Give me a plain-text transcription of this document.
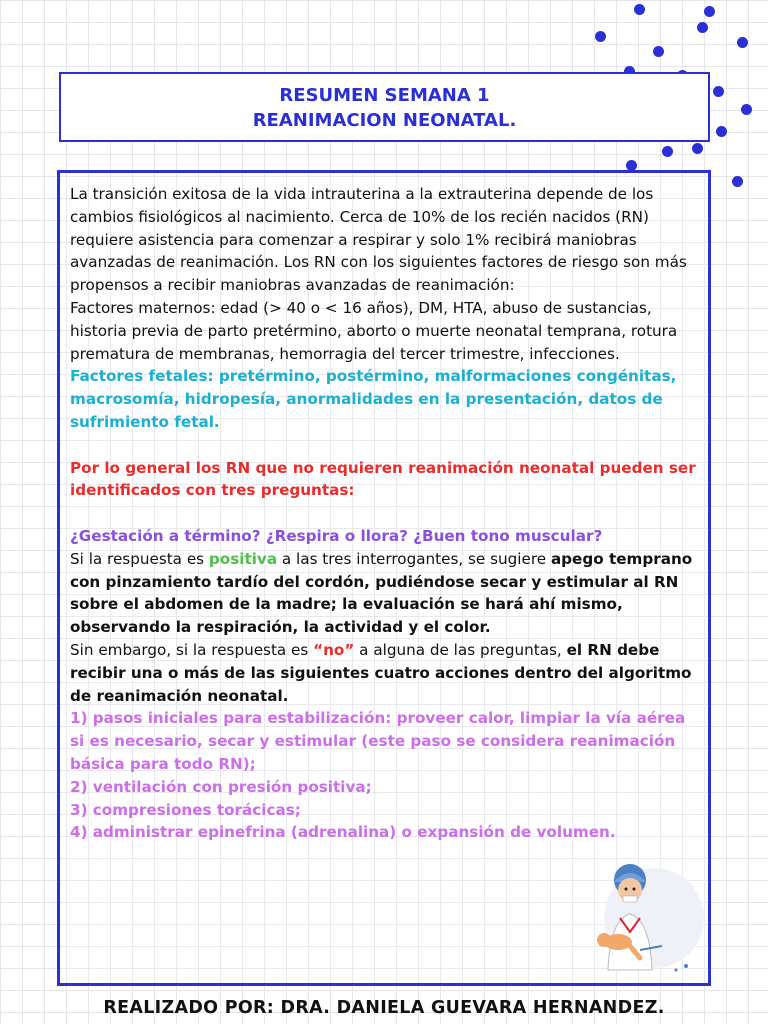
RESUMEN SEMANA 1
REANIMACION NEONATAL.

La transición exitosa de la vida intrauterina a la extrauterina depende de los cambios fisiológicos al nacimiento. Cerca de 10% de los recién nacidos (RN) requiere asistencia para comenzar a respirar y solo 1% recibirá maniobras avanzadas de reanimación. Los RN con los siguientes factores de riesgo son más propensos a recibir maniobras avanzadas de reanimación:

Factores maternos: edad (> 40 o < 16 años), DM, HTA, abuso de sustancias, historia previa de parto pretérmino, aborto o muerte neonatal temprana, rotura prematura de membranas, hemorragia del tercer trimestre, infecciones.

Factores fetales: pretérmino, postérmino, malformaciones congénitas, macrosomía, hidropesía, anormalidades en la presentación, datos de sufrimiento fetal.

Por lo general los RN que no requieren reanimación neonatal pueden ser identificados con tres preguntas:

¿Gestación a término? ¿Respira o llora? ¿Buen tono muscular?

Si la respuesta es positiva a las tres interrogantes, se sugiere apego temprano con pinzamiento tardío del cordón, pudiéndose secar y estimular al RN sobre el abdomen de la madre; la evaluación se hará ahí mismo, observando la respiración, la actividad y el color.

Sin embargo, si la respuesta es “no” a alguna de las preguntas, el RN debe recibir una o más de las siguientes cuatro acciones dentro del algoritmo de reanimación neonatal.

1) pasos iniciales para estabilización: proveer calor, limpiar la vía aérea si es necesario, secar y estimular (este paso se considera reanimación básica para todo RN);

2) ventilación con presión positiva;

3) compresiones torácicas;

4) administrar epinefrina (adrenalina) o expansión de volumen.

REALIZADO POR: DRA. DANIELA GUEVARA HERNANDEZ.
